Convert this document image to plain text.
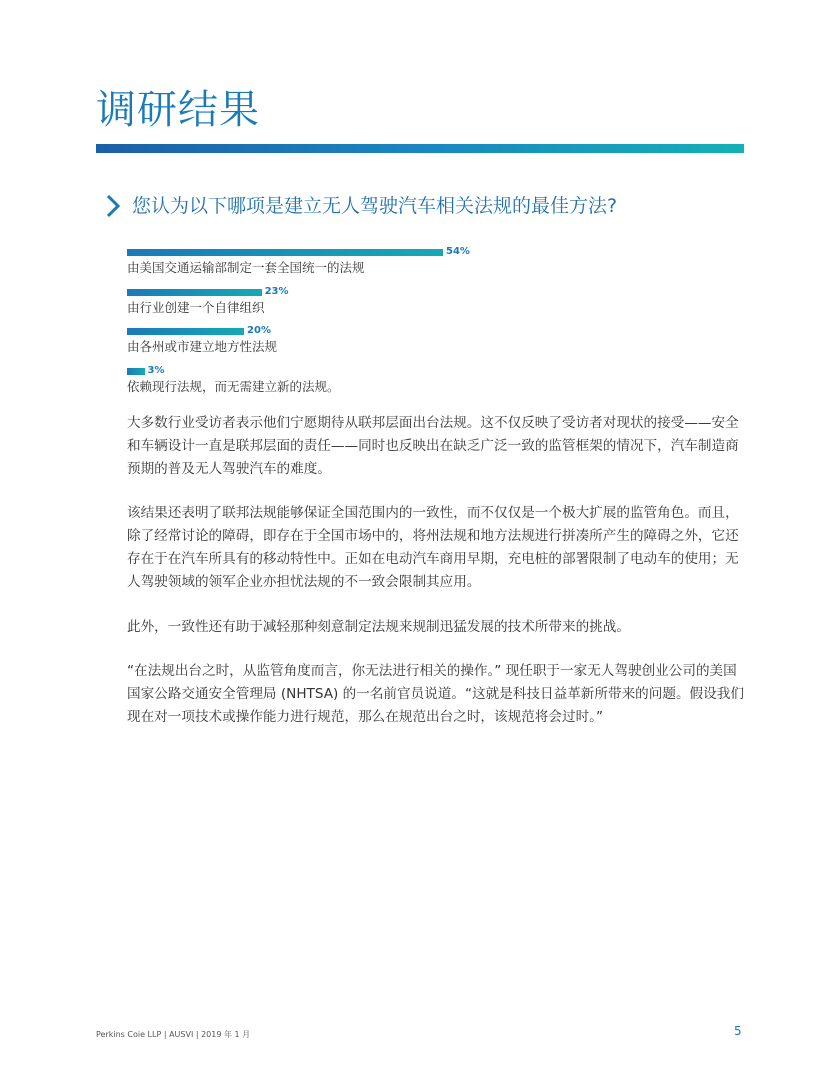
调研结果
您认为以下哪项是建立无人驾驶汽车相关法规的最佳方法?
54%
由美国交通运输部制定一套全国统一的法规
23%
由行业创建一个自律组织
20%
由各州或市建立地方性法规
3%
依赖现行法规，而无需建立新的法规。

大多数行业受访者表示他们宁愿期待从联邦层面出台法规。这不仅反映了受访者对现状的接受——安全和车辆设计一直是联邦层面的责任——同时也反映出在缺乏广泛一致的监管框架的情况下，汽车制造商预期的普及无人驾驶汽车的难度。

该结果还表明了联邦法规能够保证全国范围内的一致性，而不仅仅是一个极大扩展的监管角色。而且，除了经常讨论的障碍，即存在于全国市场中的，将州法规和地方法规进行拼凑所产生的障碍之外，它还存在于在汽车所具有的移动特性中。正如在电动汽车商用早期，充电桩的部署限制了电动车的使用；无人驾驶领域的领军企业亦担忧法规的不一致会限制其应用。

此外，一致性还有助于减轻那种刻意制定法规来规制迅猛发展的技术所带来的挑战。

“在法规出台之时，从监管角度而言，你无法进行相关的操作。” 现任职于一家无人驾驶创业公司的美国国家公路交通安全管理局 (NHTSA) 的一名前官员说道。“这就是科技日益革新所带来的问题。假设我们现在对一项技术或操作能力进行规范，那么在规范出台之时，该规范将会过时。”

Perkins Coie LLP | AUSVI | 2019 年 1 月	5
